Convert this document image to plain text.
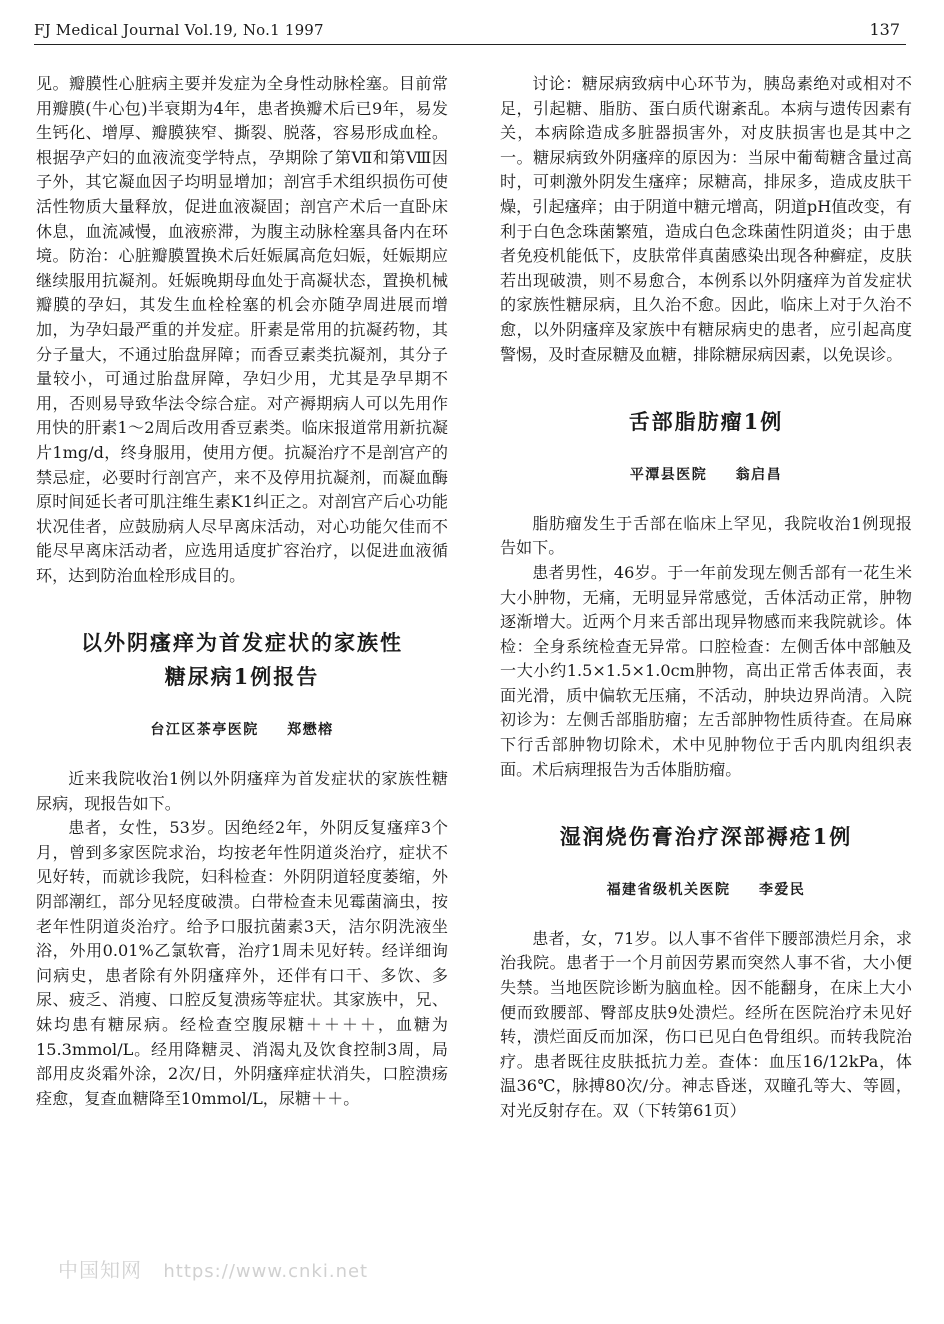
FJ Medical Journal Vol.19, No.1 1997	137

见。瓣膜性心脏病主要并发症为全身性动脉栓塞。目前常用瓣膜(牛心包)半衰期为4年，患者换瓣术后已9年，易发生钙化、增厚、瓣膜狭窄、撕裂、脱落，容易形成血栓。根据孕产妇的血液流变学特点，孕期除了第Ⅶ和第Ⅷ因子外，其它凝血因子均明显增加；剖宫手术组织损伤可使活性物质大量释放，促进血液凝固；剖宫产术后一直卧床休息，血流减慢，血液瘀滞，为腹主动脉栓塞具备内在环境。防治：心脏瓣膜置换术后妊娠属高危妇娠，妊娠期应继续服用抗凝剂。妊娠晚期母血处于高凝状态，置换机械瓣膜的孕妇，其发生血栓栓塞的机会亦随孕周进展而增加，为孕妇最严重的并发症。肝素是常用的抗凝药物，其分子量大，不通过胎盘屏障；而香豆素类抗凝剂，其分子量较小，可通过胎盘屏障，孕妇少用，尤其是孕早期不用，否则易导致华法令综合症。对产褥期病人可以先用作用快的肝素1～2周后改用香豆素类。临床报道常用新抗凝片1mg/d，终身服用，使用方便。抗凝治疗不是剖宫产的禁忌症，必要时行剖宫产，来不及停用抗凝剂，而凝血酶原时间延长者可肌注维生素K1纠正之。对剖宫产后心功能状况佳者，应鼓励病人尽早离床活动，对心功能欠佳而不能尽早离床活动者，应选用适度扩容治疗，以促进血液循环，达到防治血栓形成目的。

以外阴瘙痒为首发症状的家族性
糖尿病1例报告
台江区茶亭医院 郑懋榕

近来我院收治1例以外阴瘙痒为首发症状的家族性糖尿病，现报告如下。

患者，女性，53岁。因绝经2年，外阴反复瘙痒3个月，曾到多家医院求治，均按老年性阴道炎治疗，症状不见好转，而就诊我院，妇科检查：外阴阴道轻度萎缩，外阴部潮红，部分见轻度破溃。白带检查未见霉菌滴虫，按老年性阴道炎治疗。给予口服抗菌素3天，洁尔阴洗液坐浴，外用0.01%乙氯软膏，治疗1周未见好转。经详细询问病史，患者除有外阴瘙痒外，还伴有口干、多饮、多尿、疲乏、消瘦、口腔反复溃疡等症状。其家族中，兄、妹均患有糖尿病。经检查空腹尿糖＋＋＋＋，血糖为15.3mmol/L。经用降糖灵、消渴丸及饮食控制3周，局部用皮炎霜外涂，2次/日，外阴瘙痒症状消失，口腔溃疡痊愈，复查血糖降至10mmol/L，尿糖＋＋。

讨论：糖尿病致病中心环节为，胰岛素绝对或相对不足，引起糖、脂肪、蛋白质代谢紊乱。本病与遗传因素有关，本病除造成多脏器损害外，对皮肤损害也是其中之一。糖尿病致外阴瘙痒的原因为：当尿中葡萄糖含量过高时，可刺激外阴发生瘙痒；尿糖高，排尿多，造成皮肤干燥，引起瘙痒；由于阴道中糖元增高，阴道pH值改变，有利于白色念珠菌繁殖，造成白色念珠菌性阴道炎；由于患者免疫机能低下，皮肤常伴真菌感染出现各种癣症，皮肤若出现破溃，则不易愈合，本例系以外阴瘙痒为首发症状的家族性糖尿病，且久治不愈。因此，临床上对于久治不愈，以外阴瘙痒及家族中有糖尿病史的患者，应引起高度警惕，及时查尿糖及血糖，排除糖尿病因素，以免误诊。

舌部脂肪瘤1例
平潭县医院 翁启昌

脂肪瘤发生于舌部在临床上罕见，我院收治1例现报告如下。

患者男性，46岁。于一年前发现左侧舌部有一花生米大小肿物，无痛，无明显异常感觉，舌体活动正常，肿物逐渐增大。近两个月来舌部出现异物感而来我院就诊。体检：全身系统检查无异常。口腔检查：左侧舌体中部触及一大小约1.5×1.5×1.0cm肿物，高出正常舌体表面，表面光滑，质中偏软无压痛，不活动，肿块边界尚清。入院初诊为：左侧舌部脂肪瘤；左舌部肿物性质待查。在局麻下行舌部肿物切除术，术中见肿物位于舌内肌肉组织表面。术后病理报告为舌体脂肪瘤。

湿润烧伤膏治疗深部褥疮1例
福建省级机关医院 李爱民

患者，女，71岁。以人事不省伴下腰部溃烂月余，求治我院。患者于一个月前因劳累而突然人事不省，大小便失禁。当地医院诊断为脑血栓。因不能翻身，在床上大小便而致腰部、臀部皮肤9处溃烂。经所在医院治疗未见好转，溃烂面反而加深，伤口已见白色骨组织。而转我院治疗。患者既往皮肤抵抗力差。查体：血压16/12kPa，体温36℃，脉搏80次/分。神志昏迷，双瞳孔等大、等圆，对光反射存在。双（下转第61页）

中国知网 https://www.cnki.net
